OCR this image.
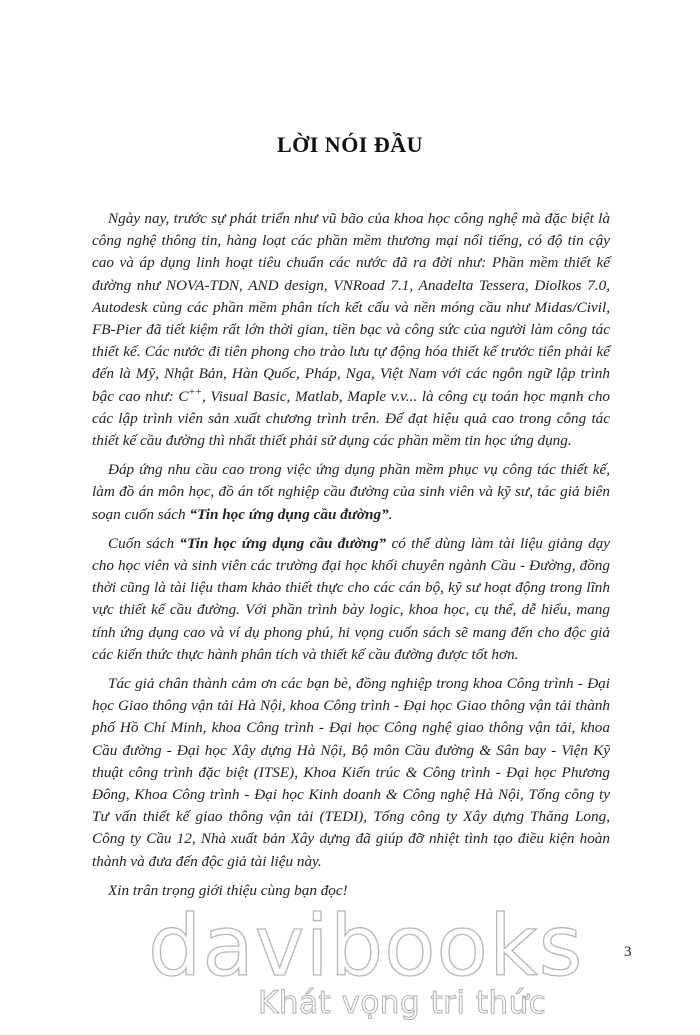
LỜI NÓI ĐẦU

Ngày nay, trước sự phát triển như vũ bão của khoa học công nghệ mà đặc biệt là công nghệ thông tin, hàng loạt các phần mềm thương mại nổi tiếng, có độ tin cậy cao và áp dụng linh hoạt tiêu chuẩn các nước đã ra đời như: Phần mềm thiết kế đường như NOVA-TDN, AND design, VNRoad 7.1, Anadelta Tessera, Diolkos 7.0, Autodesk cùng các phần mềm phân tích kết cấu và nền móng cầu như Midas/Civil, FB-Pier đã tiết kiệm rất lớn thời gian, tiền bạc và công sức của người làm công tác thiết kế. Các nước đi tiên phong cho trào lưu tự động hóa thiết kế trước tiên phải kể đến là Mỹ, Nhật Bản, Hàn Quốc, Pháp, Nga, Việt Nam với các ngôn ngữ lập trình bậc cao như: C++, Visual Basic, Matlab, Maple v.v... là công cụ toán học mạnh cho các lập trình viên sản xuất chương trình trên. Để đạt hiệu quả cao trong công tác thiết kế cầu đường thì nhất thiết phải sử dụng các phần mềm tin học ứng dụng.

Đáp ứng nhu cầu cao trong việc ứng dụng phần mềm phục vụ công tác thiết kế, làm đồ án môn học, đồ án tốt nghiệp cầu đường của sinh viên và kỹ sư, tác giả biên soạn cuốn sách “Tin học ứng dụng cầu đường”.

Cuốn sách “Tin học ứng dụng cầu đường” có thể dùng làm tài liệu giảng dạy cho học viên và sinh viên các trường đại học khối chuyên ngành Cầu - Đường, đồng thời cũng là tài liệu tham khảo thiết thực cho các cán bộ, kỹ sư hoạt động trong lĩnh vực thiết kế cầu đường. Với phần trình bày logic, khoa học, cụ thể, dễ hiểu, mang tính ứng dụng cao và ví dụ phong phú, hi vọng cuốn sách sẽ mang đến cho độc giả các kiến thức thực hành phân tích và thiết kế cầu đường được tốt hơn.

Tác giả chân thành cảm ơn các bạn bè, đồng nghiệp trong khoa Công trình - Đại học Giao thông vận tải Hà Nội, khoa Công trình - Đại học Giao thông vận tải thành phố Hồ Chí Minh, khoa Công trình - Đại học Công nghệ giao thông vận tải, khoa Cầu đường - Đại học Xây dựng Hà Nội, Bộ môn Cầu đường & Sân bay - Viện Kỹ thuật công trình đặc biệt (ITSE), Khoa Kiến trúc & Công trình - Đại học Phương Đông, Khoa Công trình - Đại học Kinh doanh & Công nghệ Hà Nội, Tổng công ty Tư vấn thiết kế giao thông vận tải (TEDI), Tổng công ty Xây dựng Thăng Long, Công ty Cầu 12, Nhà xuất bản Xây dựng đã giúp đỡ nhiệt tình tạo điều kiện hoàn thành và đưa đến độc giả tài liệu này.

Xin trân trọng giới thiệu cùng bạn đọc!

davibooks
Khát vọng tri thức
3
